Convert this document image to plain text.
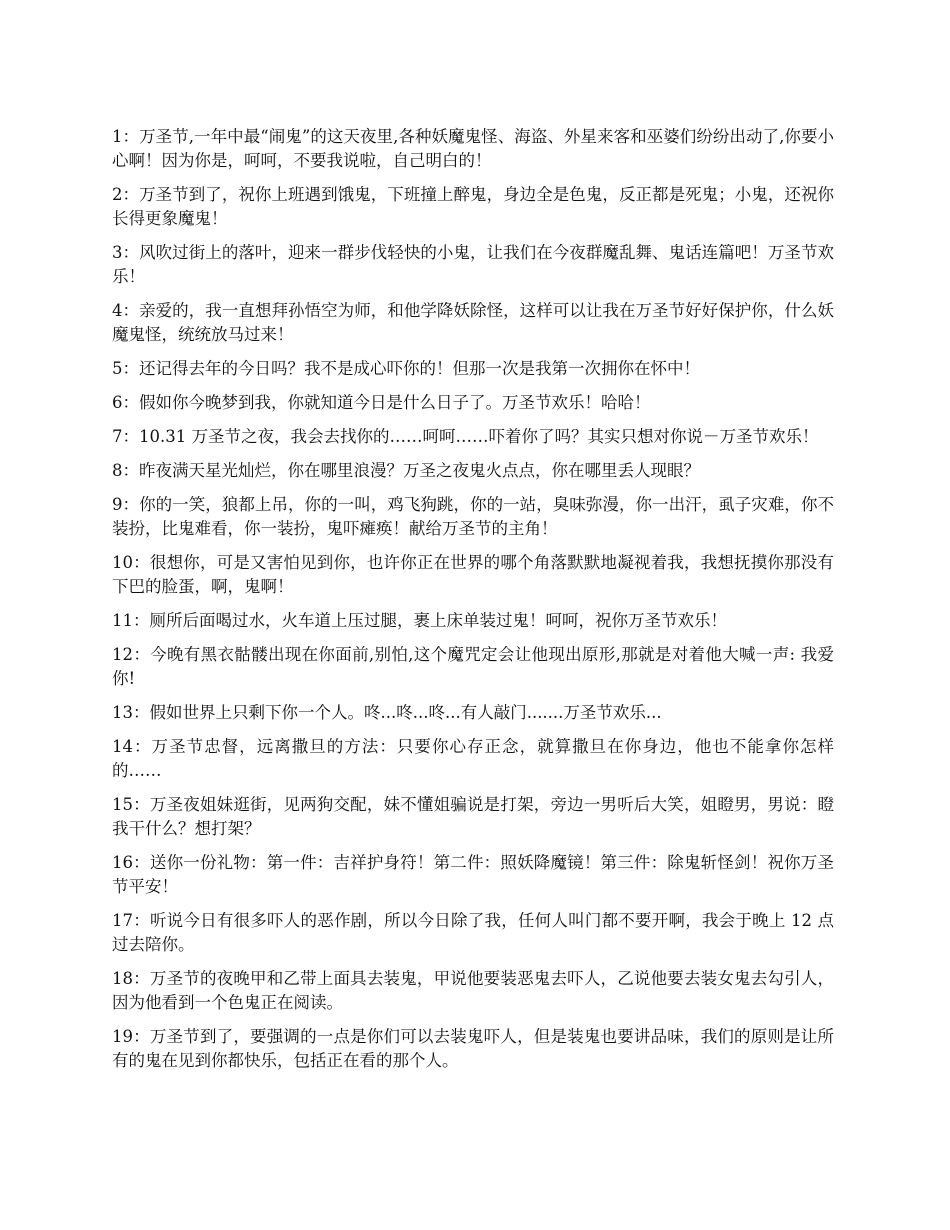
1：万圣节,一年中最“闹鬼”的这天夜里,各种妖魔鬼怪、海盗、外星来客和巫婆们纷纷出动了,你要小心啊！因为你是，呵呵，不要我说啦，自己明白的！

2：万圣节到了，祝你上班遇到饿鬼，下班撞上醉鬼，身边全是色鬼，反正都是死鬼；小鬼，还祝你长得更象魔鬼！

3：风吹过街上的落叶，迎来一群步伐轻快的小鬼，让我们在今夜群魔乱舞、鬼话连篇吧！万圣节欢乐！

4：亲爱的，我一直想拜孙悟空为师，和他学降妖除怪，这样可以让我在万圣节好好保护你，什么妖魔鬼怪，统统放马过来！

5：还记得去年的今日吗？我不是成心吓你的！但那一次是我第一次拥你在怀中！

6：假如你今晚梦到我，你就知道今日是什么日子了。万圣节欢乐！哈哈！

7：10.31 万圣节之夜，我会去找你的……呵呵……吓着你了吗？其实只想对你说－万圣节欢乐！

8：昨夜满天星光灿烂，你在哪里浪漫？万圣之夜鬼火点点，你在哪里丢人现眼？

9：你的一笑，狼都上吊，你的一叫，鸡飞狗跳，你的一站，臭味弥漫，你一出汗，虱子灾难，你不装扮，比鬼难看，你一装扮，鬼吓瘫痪！献给万圣节的主角！

10：很想你，可是又害怕见到你，也许你正在世界的哪个角落默默地凝视着我，我想抚摸你那没有下巴的脸蛋，啊，鬼啊！

11：厕所后面喝过水，火车道上压过腿，裹上床单装过鬼！呵呵，祝你万圣节欢乐！

12：今晚有黑衣骷髅出现在你面前,别怕,这个魔咒定会让他现出原形,那就是对着他大喊一声: 我爱你!

13：假如世界上只剩下你一个人。咚...咚...咚...有人敲门.......万圣节欢乐...

14：万圣节忠督，远离撒旦的方法：只要你心存正念，就算撒旦在你身边，他也不能拿你怎样的……

15：万圣夜姐妹逛街，见两狗交配，妹不懂姐骗说是打架，旁边一男听后大笑，姐瞪男，男说：瞪我干什么？想打架？

16：送你一份礼物：第一件：吉祥护身符！第二件：照妖降魔镜！第三件：除鬼斩怪剑！祝你万圣节平安！

17：听说今日有很多吓人的恶作剧，所以今日除了我，任何人叫门都不要开啊，我会于晚上 12 点过去陪你。

18：万圣节的夜晚甲和乙带上面具去装鬼，甲说他要装恶鬼去吓人，乙说他要去装女鬼去勾引人，因为他看到一个色鬼正在阅读。

19：万圣节到了，要强调的一点是你们可以去装鬼吓人，但是装鬼也要讲品味，我们的原则是让所有的鬼在见到你都快乐，包括正在看的那个人。
